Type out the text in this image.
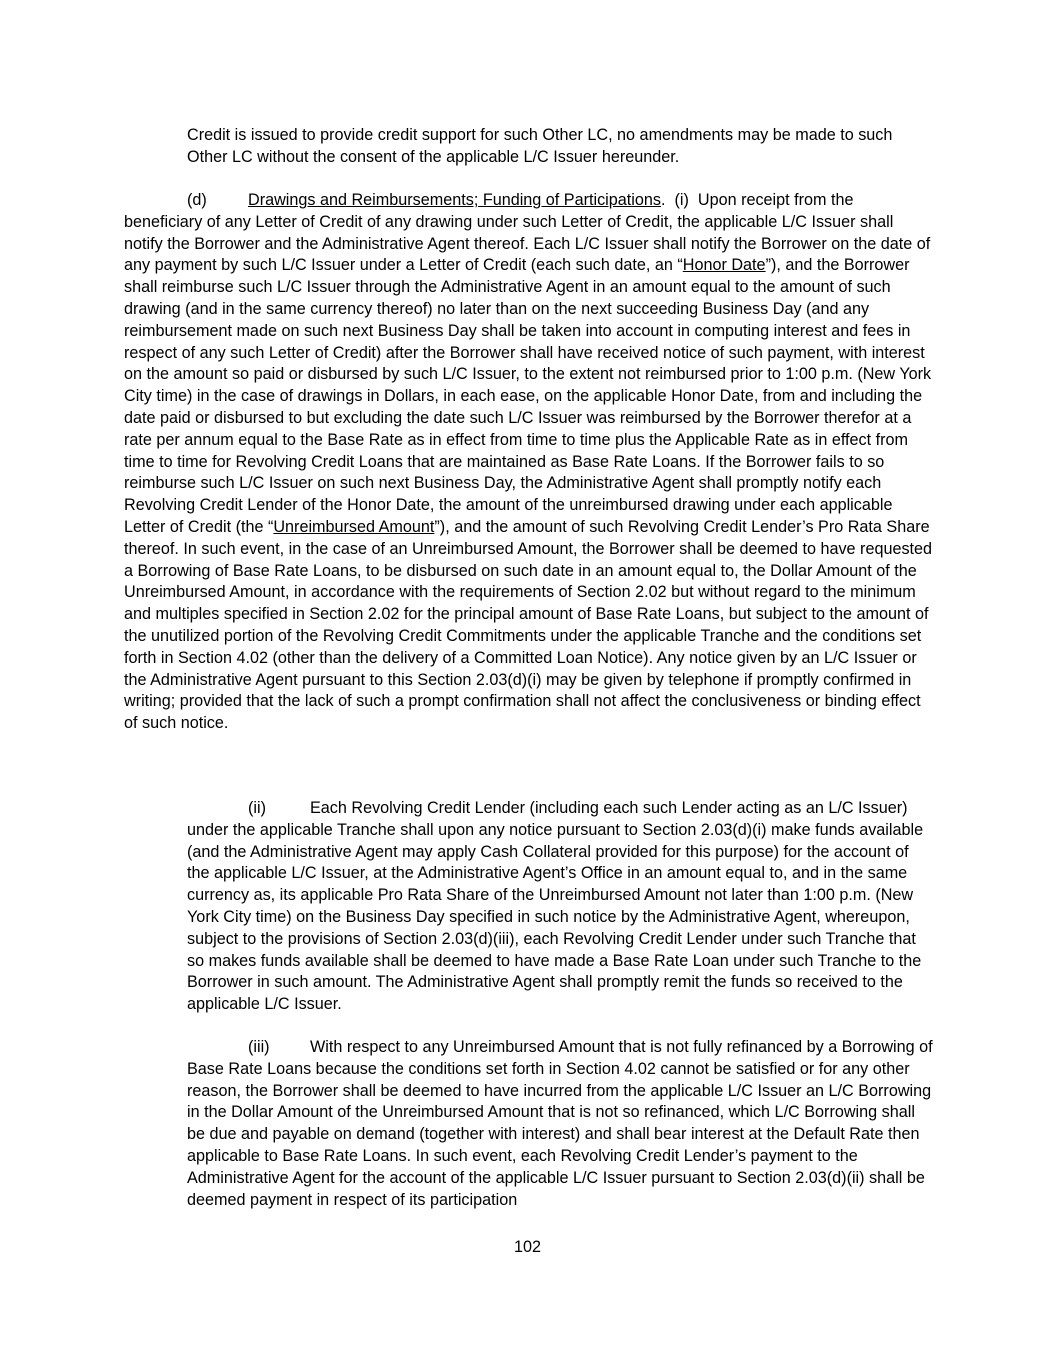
Credit is issued to provide credit support for such Other LC, no amendments may be made to such Other LC without the consent of the applicable L/C Issuer hereunder.

(d)	Drawings and Reimbursements; Funding of Participations. (i) Upon receipt from the beneficiary of any Letter of Credit of any drawing under such Letter of Credit, the applicable L/C Issuer shall notify the Borrower and the Administrative Agent thereof. Each L/C Issuer shall notify the Borrower on the date of any payment by such L/C Issuer under a Letter of Credit (each such date, an “Honor Date”), and the Borrower shall reimburse such L/C Issuer through the Administrative Agent in an amount equal to the amount of such drawing (and in the same currency thereof) no later than on the next succeeding Business Day (and any reimbursement made on such next Business Day shall be taken into account in computing interest and fees in respect of any such Letter of Credit) after the Borrower shall have received notice of such payment, with interest on the amount so paid or disbursed by such L/C Issuer, to the extent not reimbursed prior to 1:00 p.m. (New York City time) in the case of drawings in Dollars, in each ease, on the applicable Honor Date, from and including the date paid or disbursed to but excluding the date such L/C Issuer was reimbursed by the Borrower therefor at a rate per annum equal to the Base Rate as in effect from time to time plus the Applicable Rate as in effect from time to time for Revolving Credit Loans that are maintained as Base Rate Loans. If the Borrower fails to so reimburse such L/C Issuer on such next Business Day, the Administrative Agent shall promptly notify each Revolving Credit Lender of the Honor Date, the amount of the unreimbursed drawing under each applicable Letter of Credit (the “Unreimbursed Amount”), and the amount of such Revolving Credit Lender’s Pro Rata Share thereof. In such event, in the case of an Unreimbursed Amount, the Borrower shall be deemed to have requested a Borrowing of Base Rate Loans, to be disbursed on such date in an amount equal to, the Dollar Amount of the Unreimbursed Amount, in accordance with the requirements of Section 2.02 but without regard to the minimum and multiples specified in Section 2.02 for the principal amount of Base Rate Loans, but subject to the amount of the unutilized portion of the Revolving Credit Commitments under the applicable Tranche and the conditions set forth in Section 4.02 (other than the delivery of a Committed Loan Notice). Any notice given by an L/C Issuer or the Administrative Agent pursuant to this Section 2.03(d)(i) may be given by telephone if promptly confirmed in writing; provided that the lack of such a prompt confirmation shall not affect the conclusiveness or binding effect of such notice.

(ii)	Each Revolving Credit Lender (including each such Lender acting as an L/C Issuer) under the applicable Tranche shall upon any notice pursuant to Section 2.03(d)(i) make funds available (and the Administrative Agent may apply Cash Collateral provided for this purpose) for the account of the applicable L/C Issuer, at the Administrative Agent’s Office in an amount equal to, and in the same currency as, its applicable Pro Rata Share of the Unreimbursed Amount not later than 1:00 p.m. (New York City time) on the Business Day specified in such notice by the Administrative Agent, whereupon, subject to the provisions of Section 2.03(d)(iii), each Revolving Credit Lender under such Tranche that so makes funds available shall be deemed to have made a Base Rate Loan under such Tranche to the Borrower in such amount. The Administrative Agent shall promptly remit the funds so received to the applicable L/C Issuer.

(iii) With respect to any Unreimbursed Amount that is not fully refinanced by a Borrowing of Base Rate Loans because the conditions set forth in Section 4.02 cannot be satisfied or for any other reason, the Borrower shall be deemed to have incurred from the applicable L/C Issuer an L/C Borrowing in the Dollar Amount of the Unreimbursed Amount that is not so refinanced, which L/C Borrowing shall be due and payable on demand (together with interest) and shall bear interest at the Default Rate then applicable to Base Rate Loans. In such event, each Revolving Credit Lender’s payment to the Administrative Agent for the account of the applicable L/C Issuer pursuant to Section 2.03(d)(ii) shall be deemed payment in respect of its participation

102
